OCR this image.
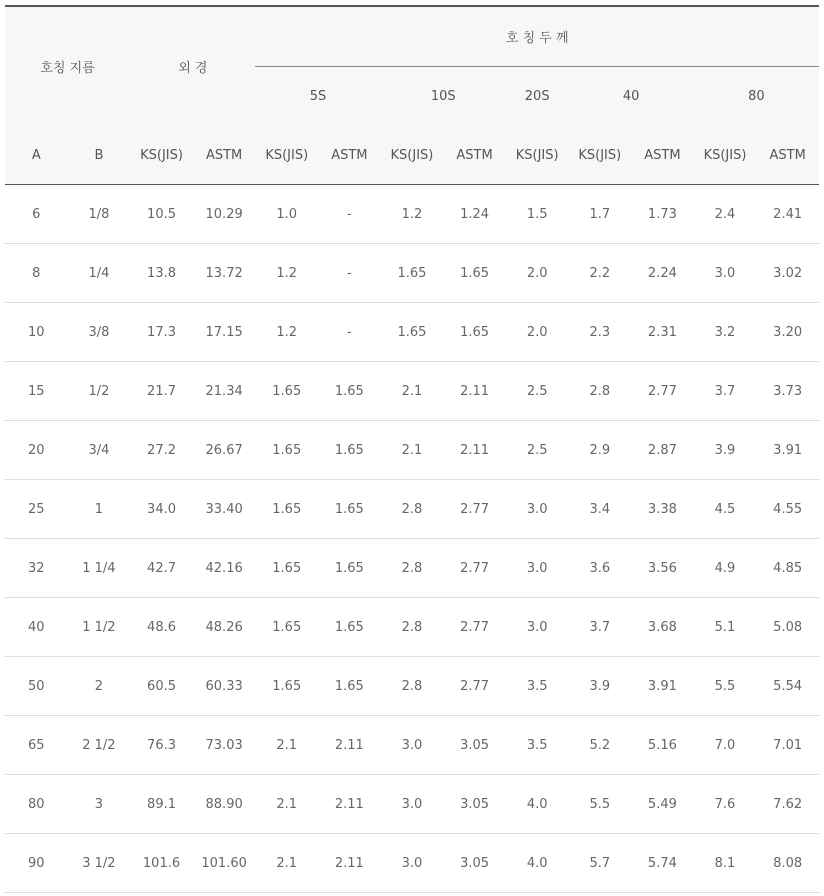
호칭 지름		외 경		호 칭 두 께								
				5S		10S		20S	40		80	
A	B	KS(JIS)	ASTM	KS(JIS)	ASTM	KS(JIS)	ASTM	KS(JIS)	KS(JIS)	ASTM	KS(JIS)	ASTM
6	1/8	10.5	10.29	1.0	-	1.2	1.24	1.5	1.7	1.73	2.4	2.41
8	1/4	13.8	13.72	1.2	-	1.65	1.65	2.0	2.2	2.24	3.0	3.02
10	3/8	17.3	17.15	1.2	-	1.65	1.65	2.0	2.3	2.31	3.2	3.20
15	1/2	21.7	21.34	1.65	1.65	2.1	2.11	2.5	2.8	2.77	3.7	3.73
20	3/4	27.2	26.67	1.65	1.65	2.1	2.11	2.5	2.9	2.87	3.9	3.91
25	1	34.0	33.40	1.65	1.65	2.8	2.77	3.0	3.4	3.38	4.5	4.55
32	1 1/4	42.7	42.16	1.65	1.65	2.8	2.77	3.0	3.6	3.56	4.9	4.85
40	1 1/2	48.6	48.26	1.65	1.65	2.8	2.77	3.0	3.7	3.68	5.1	5.08
50	2	60.5	60.33	1.65	1.65	2.8	2.77	3.5	3.9	3.91	5.5	5.54
65	2 1/2	76.3	73.03	2.1	2.11	3.0	3.05	3.5	5.2	5.16	7.0	7.01
80	3	89.1	88.90	2.1	2.11	3.0	3.05	4.0	5.5	5.49	7.6	7.62
90	3 1/2	101.6	101.60	2.1	2.11	3.0	3.05	4.0	5.7	5.74	8.1	8.08
